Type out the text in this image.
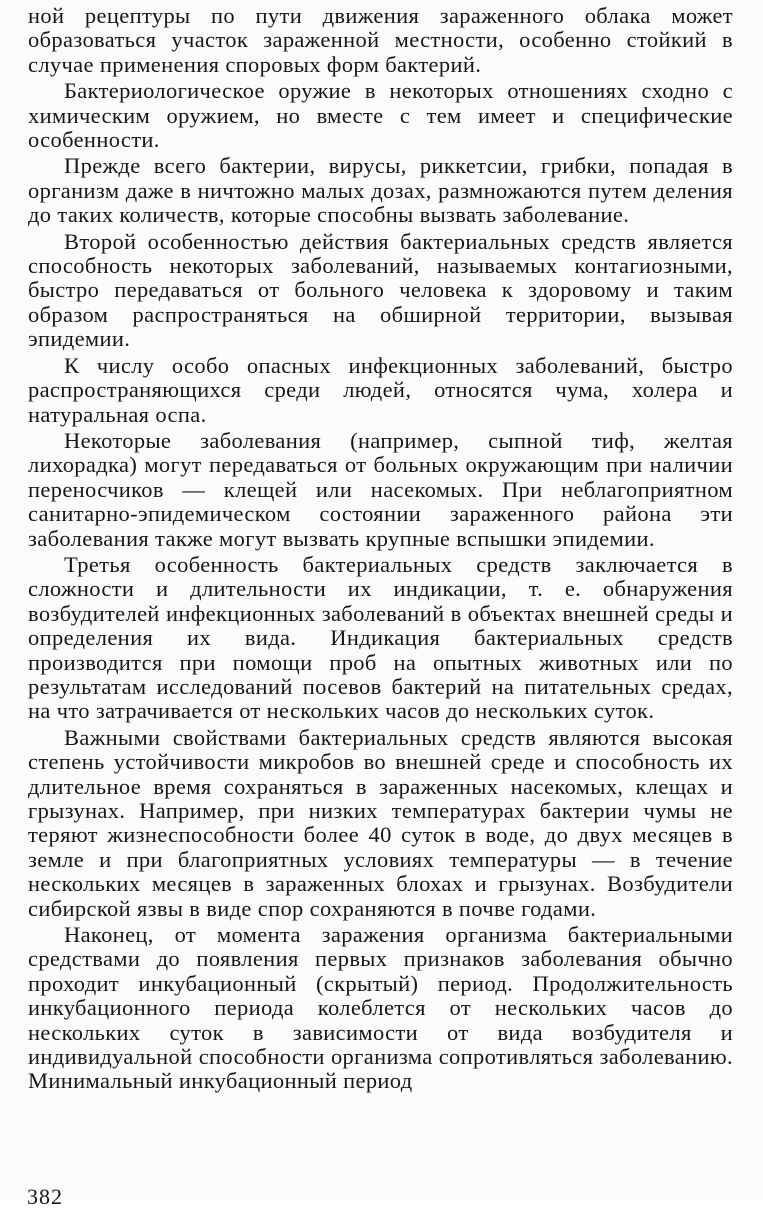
ной рецептуры по пути движения зараженного облака может образоваться участок зараженной местности, особенно стойкий в случае применения споровых форм бактерий.

Бактериологическое оружие в некоторых отношениях сходно с химическим оружием, но вместе с тем имеет и специфические особенности.

Прежде всего бактерии, вирусы, риккетсии, грибки, попадая в организм даже в ничтожно малых дозах, размножаются путем деления до таких количеств, которые способны вызвать заболевание.

Второй особенностью действия бактериальных средств является способность некоторых заболеваний, называемых контагиозными, быстро передаваться от больного человека к здоровому и таким образом распространяться на обширной территории, вызывая эпидемии.

К числу особо опасных инфекционных заболеваний, быстро распространяющихся среди людей, относятся чума, холера и натуральная оспа.

Некоторые заболевания (например, сыпной тиф, желтая лихорадка) могут передаваться от больных окружающим при наличии переносчиков — клещей или насекомых. При неблагоприятном санитарно-эпидемическом состоянии зараженного района эти заболевания также могут вызвать крупные вспышки эпидемии.

Третья особенность бактериальных средств заключается в сложности и длительности их индикации, т. е. обнаружения возбудителей инфекционных заболеваний в объектах внешней среды и определения их вида. Индикация бактериальных средств производится при помощи проб на опытных животных или по результатам исследований посевов бактерий на питательных средах, на что затрачивается от нескольких часов до нескольких суток.

Важными свойствами бактериальных средств являются высокая степень устойчивости микробов во внешней среде и способность их длительное время сохраняться в зараженных насекомых, клещах и грызунах. Например, при низких температурах бактерии чумы не теряют жизнеспособности более 40 суток в воде, до двух месяцев в земле и при благоприятных условиях температуры — в течение нескольких месяцев в зараженных блохах и грызунах. Возбудители сибирской язвы в виде спор сохраняются в почве годами.

Наконец, от момента заражения организма бактериальными средствами до появления первых признаков заболевания обычно проходит инкубационный (скрытый) период. Продолжительность инкубационного периода колеблется от нескольких часов до нескольких суток в зависимости от вида возбудителя и индивидуальной способности организма сопротивляться заболеванию. Минимальный инкубационный период

382
